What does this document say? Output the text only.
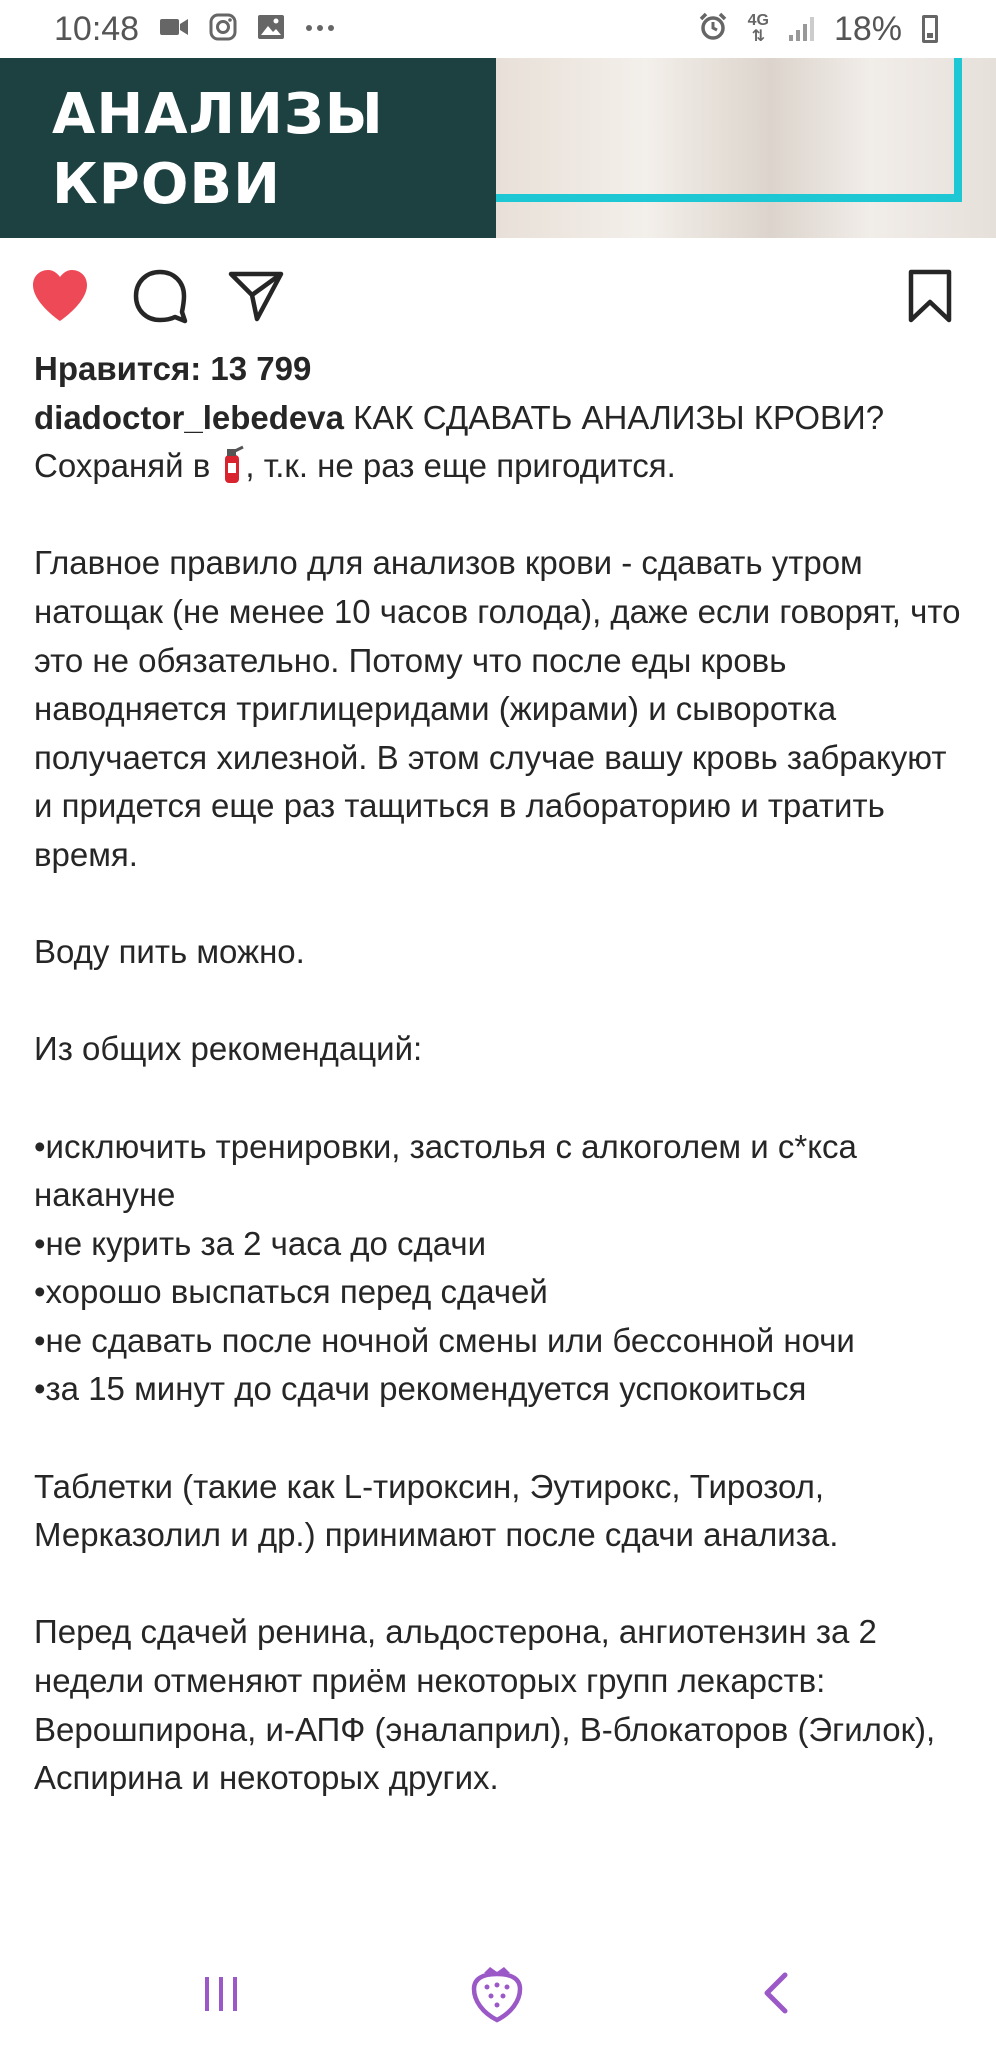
10:48	4G
⇅ 18%
АНАЛИЗЫ
КРОВИ
Нравится: 13 799
diadoctor_lebedeva КАК СДАВАТЬ АНАЛИЗЫ КРОВИ?
Сохраняй в , т.к. не раз еще пригодится.
Главное правило для анализов крови - сдавать утром натощак (не менее 10 часов голода), даже если говорят, что это не обязательно. Потому что после еды кровь наводняется триглицеридами (жирами) и сыворотка получается хилезной. В этом случае вашу кровь забракуют и придется еще раз тащиться в лабораторию и тратить время.
Воду пить можно.
Из общих рекомендаций:
•исключить тренировки, застолья с алкоголем и с*кса накануне
•не курить за 2 часа до сдачи
•хорошо выспаться перед сдачей
•не сдавать после ночной смены или бессонной ночи
•за 15 минут до сдачи рекомендуется успокоиться
Таблетки (такие как L-тироксин, Эутирокс, Тирозол, Мерказолил и др.) принимают после сдачи анализа.
Перед сдачей ренина, альдостерона, ангиотензин за 2 недели отменяют приём некоторых групп лекарств: Верошпирона, и-АПФ (эналаприл), B-блокаторов (Эгилок), Аспирина и некоторых других.
